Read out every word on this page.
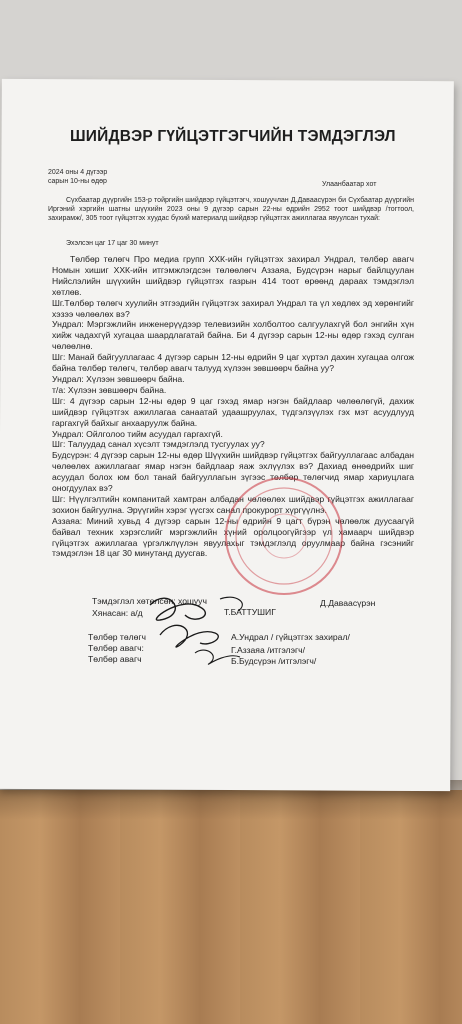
ШИЙДВЭР ГҮЙЦЭТГЭГЧИЙН ТЭМДЭГЛЭЛ
2024 оны 4 дүгээр
сарын 10-ны өдөр	Улаанбаатар хот
Сүхбаатар дүүргийн 153-р тойргийн шийдвэр гүйцэтгэгч, хошуучлан Д.Даваасүрэн би Сүхбаатар дүүргийн Иргэний хэргийн шатны шүүхийн 2023 оны 9 дүгээр сарын 22-ны өдрийн 2952 тоот шийдвэр /тогтоол, захирамж/, 305 тоот гүйцэтгэх хуудас бүхий материалд шийдвэр гүйцэтгэх ажиллагаа явуулсан тухай:
Эхэлсэн цаг 17 цаг 30 минут

Төлбөр төлөгч Про медиа групп ХХК-ийн гүйцэтгэх захирал Ундрал, төлбөр авагч Номын хишиг ХХК-ийн итгэмжлэгдсэн төлөөлөгч Аззаяа, Будсүрэн нарыг байлцуулан Нийслэлийн шүүхийн шийдвэр гүйцэтгэх газрын 414 тоот өрөөнд дараах тэмдэглэл хөтлөв.

Шг.Төлбөр төлөгч хуулийн этгээдийн гүйцэтгэх захирал Ундрал та үл хөдлөх эд хөрөнгийг хэзээ чөлөөлөх вэ?

Ундрал: Мэргэжлийн инженерүүдээр телевизийн холболтоо салгуулахгүй бол энгийн хүн хийж чадахгүй хугацаа шаардлагатай байна. Би 4 дүгээр сарын 12-ны өдөр гэхэд сулган чөлөөлнө.

Шг: Манай байгууллагаас 4 дүгээр сарын 12-ны өдрийн 9 цаг хүртэл дахин хугацаа олгож байна төлбөр төлөгч, төлбөр авагч талууд хүлээн зөвшөөрч байна уу?

Ундрал: Хүлээн зөвшөөрч байна.

т/а: Хүлээн зөвшөөрч байна.

Шг: 4 дүгээр сарын 12-ны өдөр 9 цаг гэхэд ямар нэгэн байдлаар чөлөөлөгүй, дахиж шийдвэр гүйцэтгэх ажиллагаа санаатай удаашруулах, түдгэлзүүлэх гэх мэт асуудлууд гаргахгүй байхыг анхааруулж байна.

Ундрал: Ойлголоо тийм асуудал гаргахгүй.

Шг: Талуудад санал хүсэлт тэмдэглэлд тусгуулах уу?

Будсүрэн: 4 дүгээр сарын 12-ны өдөр Шүүхийн шийдвэр гүйцэтгэх байгууллагаас албадан чөлөөлөх ажиллагааг ямар нэгэн байдлаар яаж эхлүүлэх вэ? Дахиад өнөөдрийх шиг асуудал болох юм бол танай байгууллагын зүгээс төлбөр төлөгчид ямар хариуцлага оногдуулах вэ?

Шг: Нүүлгэлтийн компанитай хамтран албадан чөлөөлөх шийдвэр гүйцэтгэх ажиллагааг зохион байгуулна. Эрүүгийн хэрэг үүсгэх санал прокурорт хүргүүлнэ.

Аззаяа: Миний хувьд 4 дүгээр сарын 12-ны өдрийн 9 цагт бүрэн чөлөөлж дуусаагүй байвал техник хэрэгслийг мэргэжлийн хүний оролцоогүйгээр үл хамаарч шийдвэр гүйцэтгэх ажиллагаа үргэлжлүүлэн явуулахыг тэмдэглэлд оруулмаар байна гэсэнийг тэмдэглэн 18 цаг 30 минутанд дуусгав.

Тэмдэглэл хөтөлсөн: хошууч	Д.Даваасүрэн
Хянасан: а/д	Т.БАТТУШИГ
Төлбөр төлөгч	А.Ундрал / гүйцэтгэх захирал/
Төлбөр авагч:	Г.Аззаяа /итгэлэгч/
Төлбөр авагч	Б.Будсүрэн /итгэлэгч/
